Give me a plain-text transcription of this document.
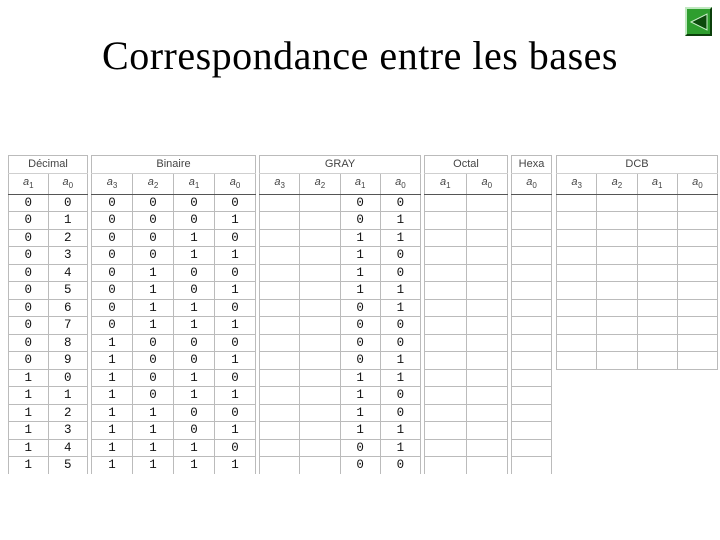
Correspondance entre les bases
Décimal	
$a_1$	$a_0$
0	0
0	1
0	2
0	3
0	4
0	5
0	6
0	7
0	8
0	9
1	0
1	1
1	2
1	3
1	4
1	5
Binaire			
$a_3$	$a_2$	$a_1$	$a_0$
0	0	0	0
0	0	0	1
0	0	1	0
0	0	1	1
0	1	0	0
0	1	0	1
0	1	1	0
0	1	1	1
1	0	0	0
1	0	0	1
1	0	1	0
1	0	1	1
1	1	0	0
1	1	0	1
1	1	1	0
1	1	1	1
GRAY			
$a_3$	$a_2$	$a_1$	$a_0$
		0	0
		0	1
		1	1
		1	0
		1	0
		1	1
		0	1
		0	0
		0	0
		0	1
		1	1
		1	0
		1	0
		1	1
		0	1
		0	0
Octal	
$a_1$	$a_0$

Hexa
$a_0$

DCB			
$a_3$	$a_2$	$a_1$	$a_0$
